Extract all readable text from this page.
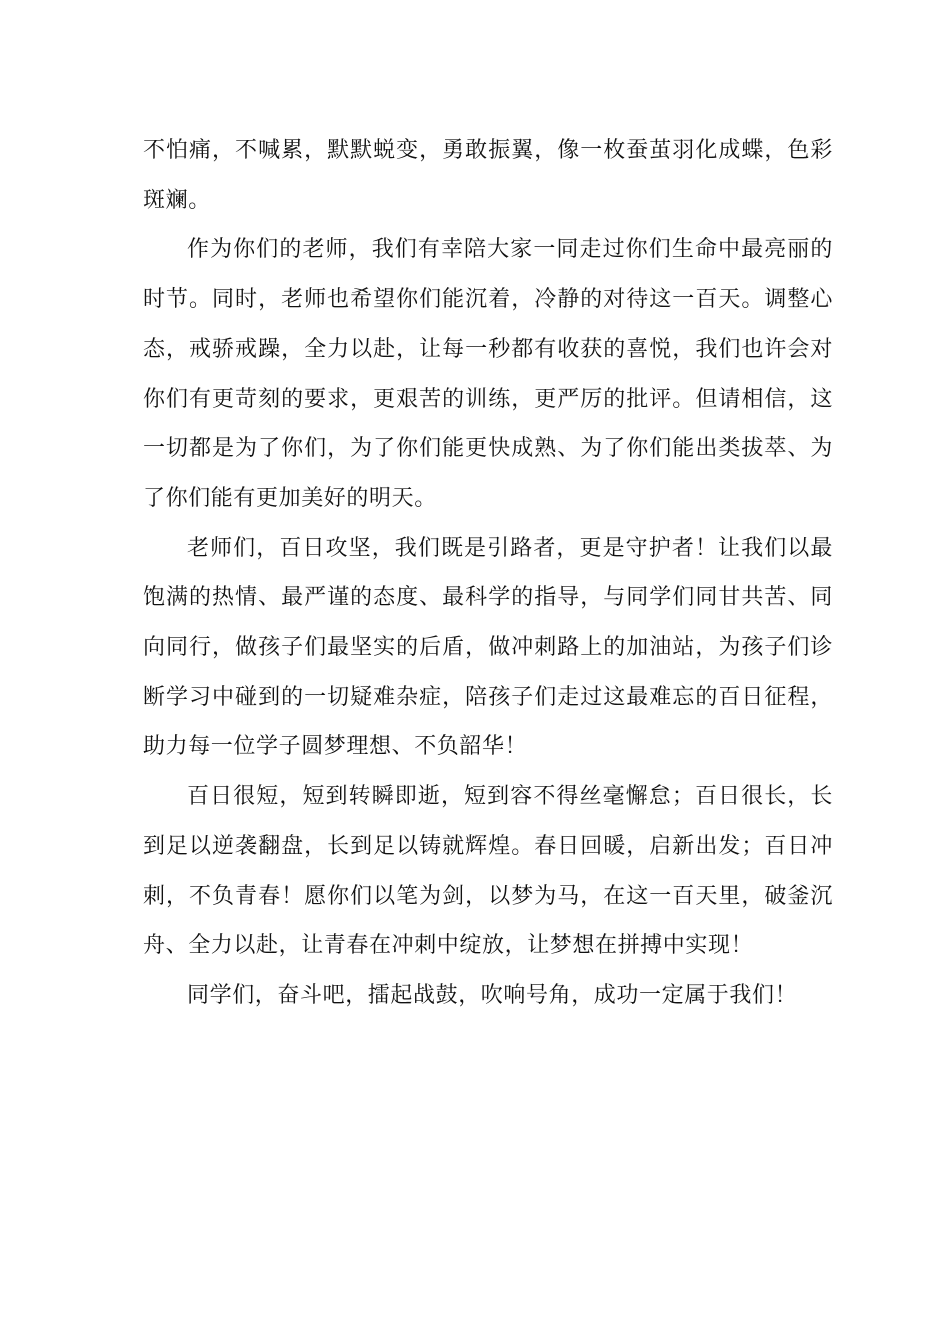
不怕痛，不喊累，默默蜕变，勇敢振翼，像一枚蚕茧羽化成蝶，色彩斑斓。

作为你们的老师，我们有幸陪大家一同走过你们生命中最亮丽的时节。同时，老师也希望你们能沉着，冷静的对待这一百天。调整心态，戒骄戒躁，全力以赴，让每一秒都有收获的喜悦，我们也许会对你们有更苛刻的要求，更艰苦的训练，更严厉的批评。但请相信，这一切都是为了你们，为了你们能更快成熟、为了你们能出类拔萃、为了你们能有更加美好的明天。

老师们，百日攻坚，我们既是引路者，更是守护者！让我们以最饱满的热情、最严谨的态度、最科学的指导，与同学们同甘共苦、同向同行，做孩子们最坚实的后盾，做冲刺路上的加油站，为孩子们诊断学习中碰到的一切疑难杂症，陪孩子们走过这最难忘的百日征程，助力每一位学子圆梦理想、不负韶华！

百日很短，短到转瞬即逝，短到容不得丝毫懈怠；百日很长，长到足以逆袭翻盘，长到足以铸就辉煌。春日回暖，启新出发；百日冲刺，不负青春！愿你们以笔为剑，以梦为马，在这一百天里，破釜沉舟、全力以赴，让青春在冲刺中绽放，让梦想在拼搏中实现！

同学们，奋斗吧，擂起战鼓，吹响号角，成功一定属于我们！
